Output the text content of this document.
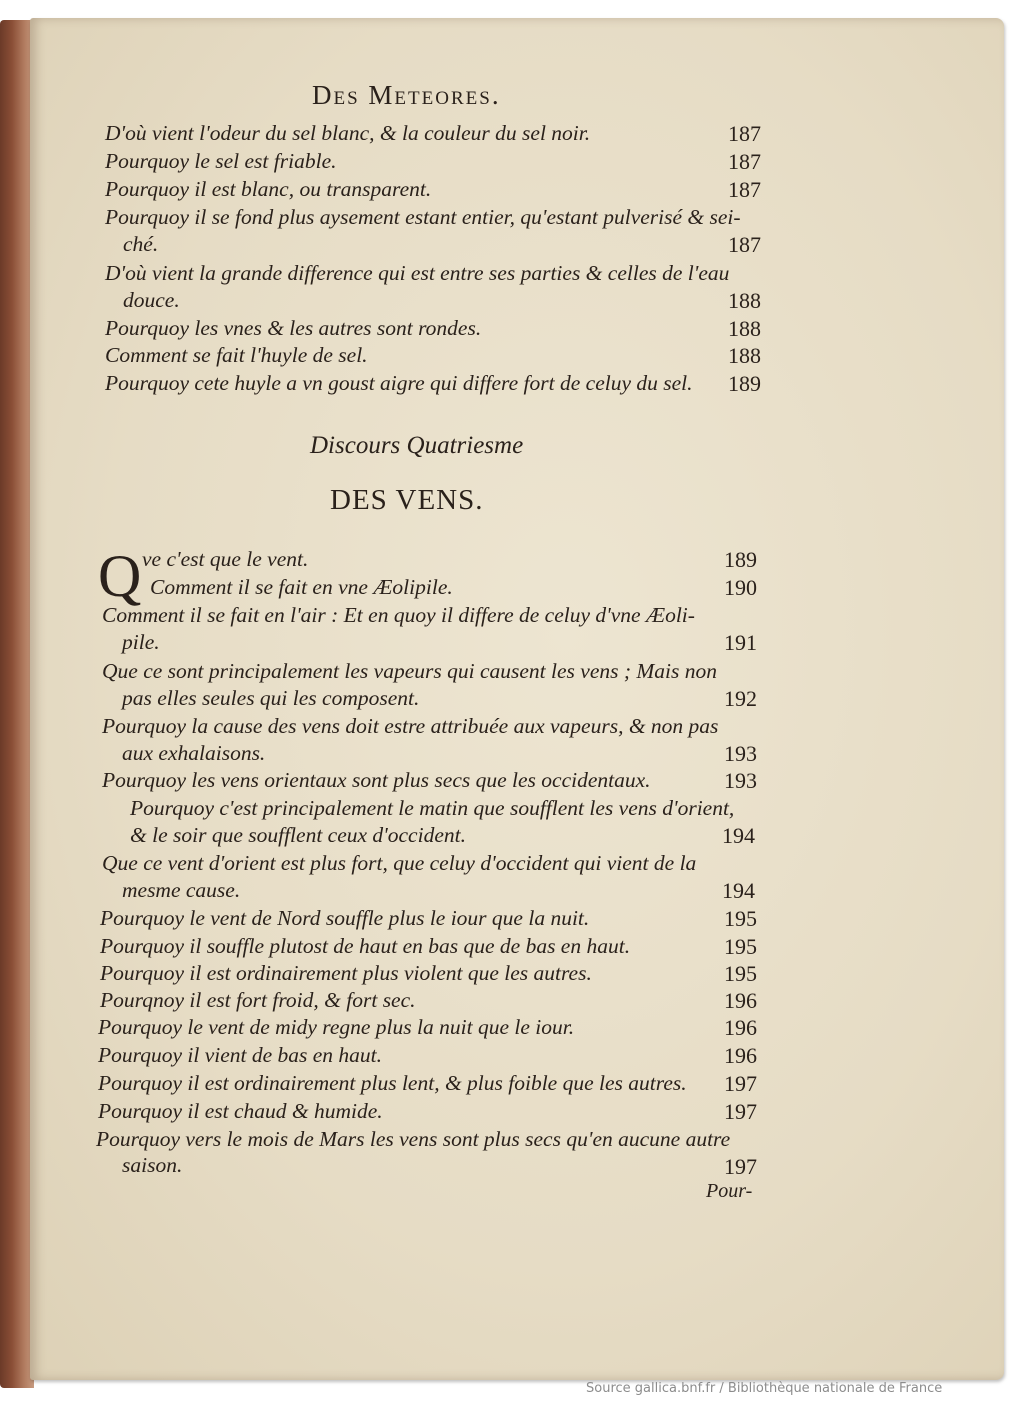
Des Meteores.
D'où vient l'odeur du sel blanc, & la couleur du sel noir.	187
Pourquoy le sel est friable.	187
Pourquoy il est blanc, ou transparent.	187
Pourquoy il se fond plus aysement estant entier, qu'estant pulverisé & sei-
ché.	187
D'où vient la grande difference qui est entre ses parties & celles de l'eau
douce.	188
Pourquoy les vnes & les autres sont rondes.	188
Comment se fait l'huyle de sel.	188
Pourquoy cete huyle a vn goust aigre qui differe fort de celuy du sel. 189
Discours Quatriesme
DES VENS.
Q ve c'est que le vent.	189
Comment il se fait en vne Æolipile.	190
Comment il se fait en l'air : Et en quoy il differe de celuy d'vne Æoli-
pile.	191
Que ce sont principalement les vapeurs qui causent les vens ; Mais non
pas elles seules qui les composent.	192
Pourquoy la cause des vens doit estre attribuée aux vapeurs, & non pas
aux exhalaisons.	193
Pourquoy les vens orientaux sont plus secs que les occidentaux.	193
Pourquoy c'est principalement le matin que soufflent les vens d'orient,
& le soir que soufflent ceux d'occident.	194
Que ce vent d'orient est plus fort, que celuy d'occident qui vient de la
mesme cause.	194
Pourquoy le vent de Nord souffle plus le iour que la nuit.	195
Pourquoy il souffle plutost de haut en bas que de bas en haut.	195
Pourquoy il est ordinairement plus violent que les autres.	195
Pourqnoy il est fort froid, & fort sec.	196
Pourquoy le vent de midy regne plus la nuit que le iour.	196
Pourquoy il vient de bas en haut.	196
Pourquoy il est ordinairement plus lent, & plus foible que les autres. 197
Pourquoy il est chaud & humide.	197
Pourquoy vers le mois de Mars les vens sont plus secs qu'en aucune autre
saison.	197
Pour-
Source gallica.bnf.fr / Bibliothèque nationale de France
